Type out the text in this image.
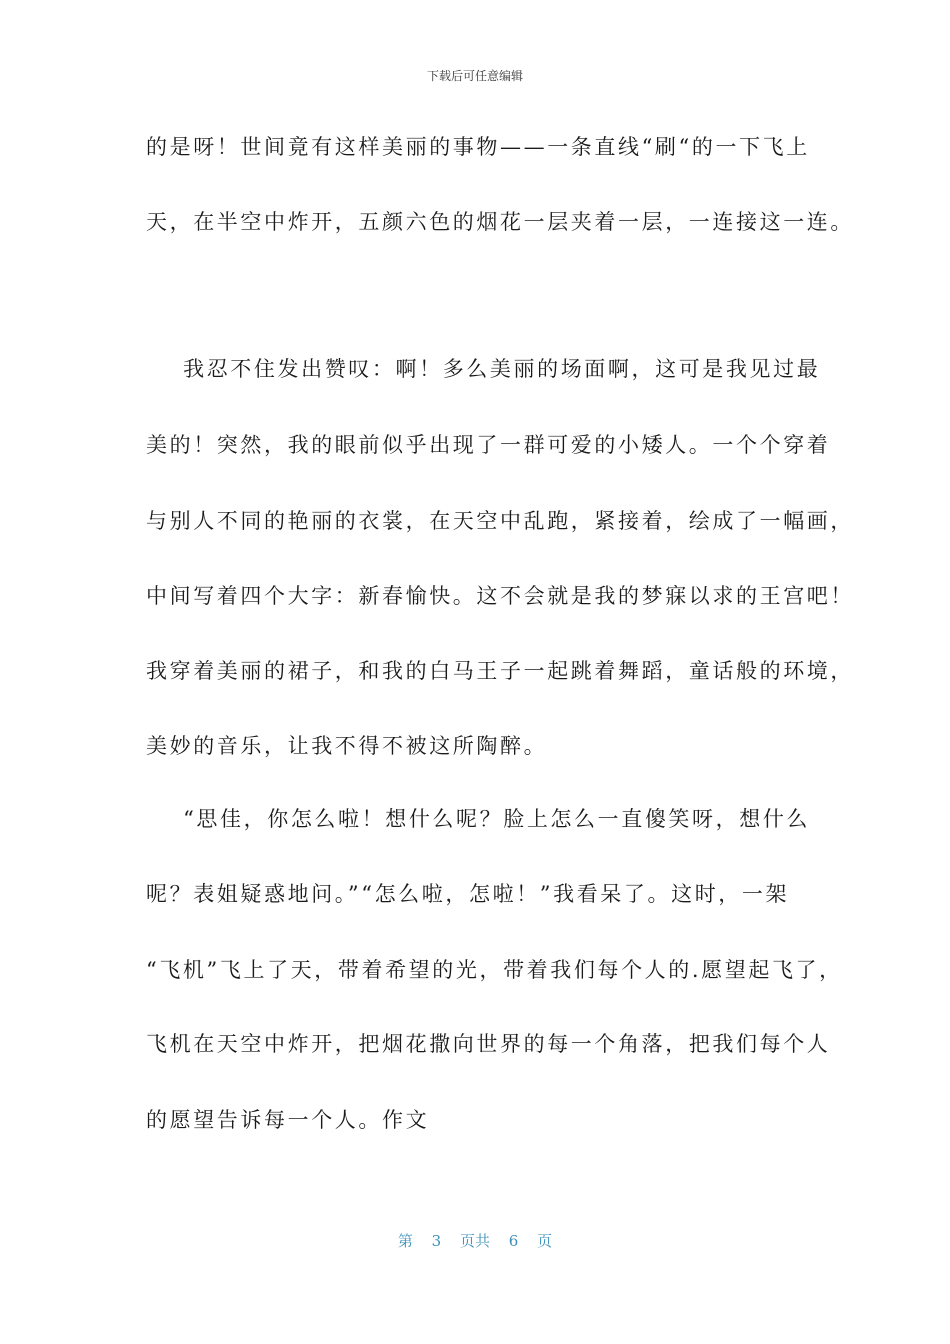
下载后可任意编辑
的是呀！世间竟有这样美丽的事物——一条直线“刷“的一下飞上
天，在半空中炸开，五颜六色的烟花一层夹着一层，一连接这一连。
我忍不住发出赞叹：啊！多么美丽的场面啊，这可是我见过最
美的！突然，我的眼前似乎出现了一群可爱的小矮人。一个个穿着
与别人不同的艳丽的衣裳，在天空中乱跑，紧接着，绘成了一幅画，
中间写着四个大字：新春愉快。这不会就是我的梦寐以求的王宫吧！
我穿着美丽的裙子，和我的白马王子一起跳着舞蹈，童话般的环境，
美妙的音乐，让我不得不被这所陶醉。
“思佳，你怎么啦！想什么呢？脸上怎么一直傻笑呀，想什么
呢？表姐疑惑地问。”“怎么啦，怎啦！”我看呆了。这时，一架
“飞机”飞上了天，带着希望的光，带着我们每个人的.愿望起飞了，
飞机在天空中炸开，把烟花撒向世界的每一个角落，把我们每个人
的愿望告诉每一个人。作文
第 3 页共 6 页
